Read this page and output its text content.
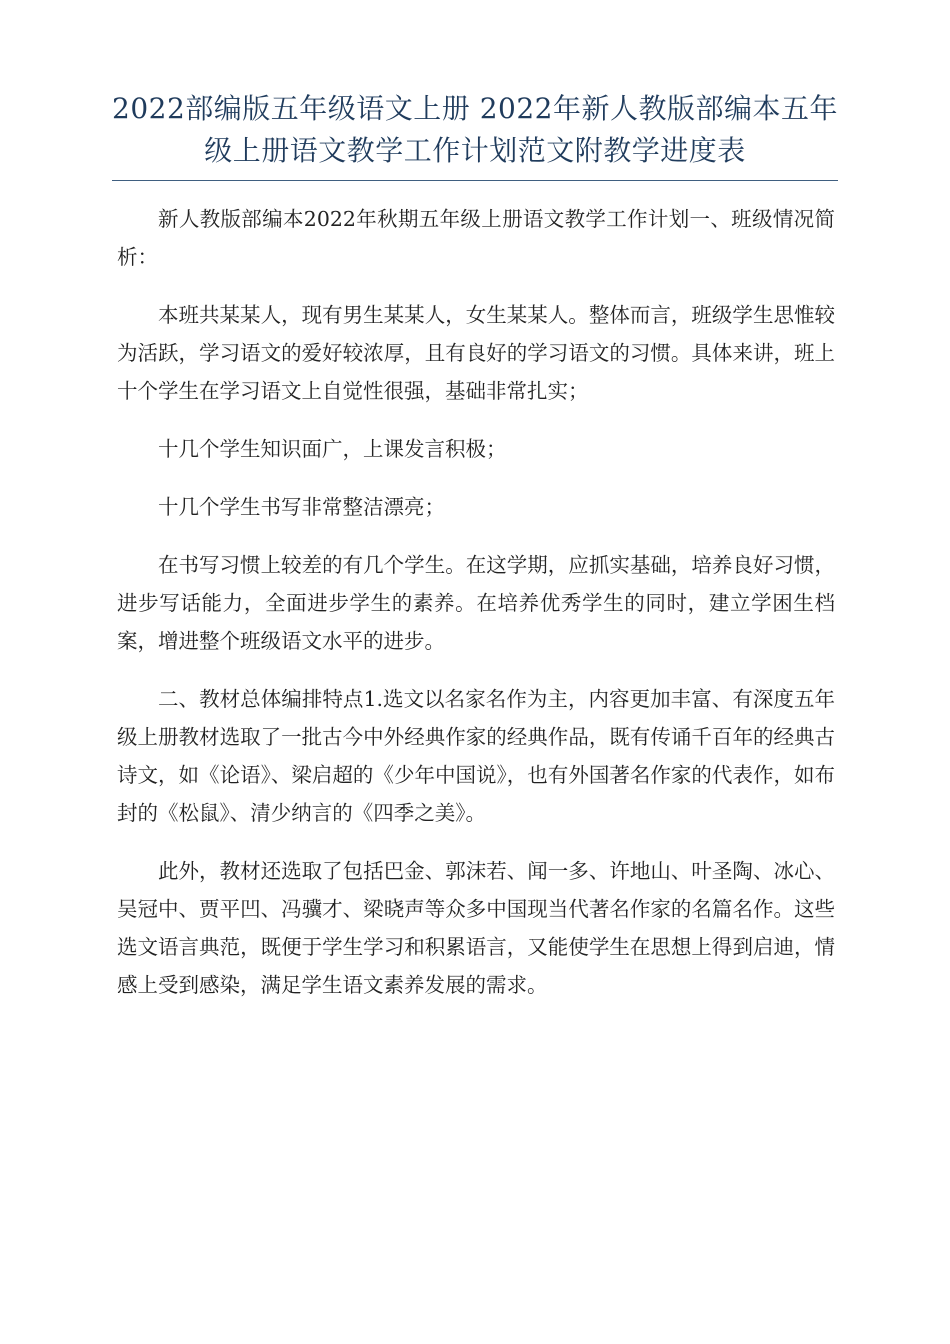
2022部编版五年级语文上册 2022年新人教版部编本五年级上册语文教学工作计划范文附教学进度表

新人教版部编本2022年秋期五年级上册语文教学工作计划一、班级情况简析：

本班共某某人，现有男生某某人，女生某某人。整体而言，班级学生思惟较为活跃，学习语文的爱好较浓厚，且有良好的学习语文的习惯。具体来讲，班上十个学生在学习语文上自觉性很强，基础非常扎实；

十几个学生知识面广，上课发言积极；

十几个学生书写非常整洁漂亮；

在书写习惯上较差的有几个学生。在这学期，应抓实基础，培养良好习惯，进步写话能力，全面进步学生的素养。在培养优秀学生的同时，建立学困生档案，增进整个班级语文水平的进步。

二、教材总体编排特点1.选文以名家名作为主，内容更加丰富、有深度五年级上册教材选取了一批古今中外经典作家的经典作品，既有传诵千百年的经典古诗文，如《论语》、梁启超的《少年中国说》，也有外国著名作家的代表作，如布封的《松鼠》、清少纳言的《四季之美》。

此外，教材还选取了包括巴金、郭沫若、闻一多、许地山、叶圣陶、冰心、吴冠中、贾平凹、冯骥才、梁晓声等众多中国现当代著名作家的名篇名作。这些选文语言典范，既便于学生学习和积累语言，又能使学生在思想上得到启迪，情感上受到感染，满足学生语文素养发展的需求。
